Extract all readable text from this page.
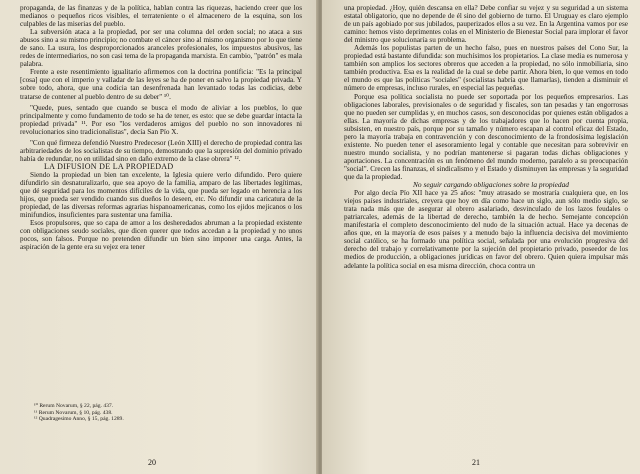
propaganda, de las finanzas y de la política, hablan contra las riquezas, haciendo creer que los medianos o pequeños ricos visibles, el terrateniente o el almacenero de la esquina, son los culpables de las miserias del pueblo.

La subversión ataca a la propiedad, por ser una columna del orden social; no ataca a sus abusos sino a su mismo principio; no combate el cáncer sino al mismo organismo por lo que tiene de sano. La usura, los desproporcionados aranceles profesionales, los impuestos abusivos, las redes de intermediarios, no son casi tema de la propaganda marxista. En cambio, "patrón" es mala palabra.

Frente a este resentimiento igualitario afirmemos con la doctrina pontificia: "Es la principal [cosa] que con el imperio y valladar de las leyes se ha de poner en salvo la propiedad privada. Y sobre todo, ahora, que una codicia tan desenfrenada han levantado todas las codicias, debe tratarse de contener al pueblo dentro de su deber" ¹⁰.

"Quede, pues, sentado que cuando se busca el modo de aliviar a los pueblos, lo que principalmente y como fundamento de todo se ha de tener, es esto: que se debe guardar intacta la propiedad privada" ¹¹. Por eso "los verdaderos amigos del pueblo no son innovadores ni revolucionarios sino tradicionalistas", decía San Pío X.

"Con qué firmeza defendió Nuestro Predecesor (León XIII) el derecho de propiedad contra las arbitrariedades de los socialistas de su tiempo, demostrando que la supresión del dominio privado había de redundar, no en utilidad sino en daño extremo de la clase obrera" ¹².

LA DIFUSION DE LA PROPIEDAD

Siendo la propiedad un bien tan excelente, la Iglesia quiere verlo difundido. Pero quiere difundirlo sin desnaturalizarlo, que sea apoyo de la familia, amparo de las libertades legítimas, que dé seguridad para los momentos difíciles de la vida, que pueda ser legado en herencia a los hijos, que pueda ser vendido cuando sus dueños lo deseen, etc. No difundir una caricatura de la propiedad, de las diversas reformas agrarias hispanoamericanas, como los ejidos mejicanos o los minifundios, insuficientes para sustentar una familia.

Esos propulsores, que so capa de amor a los desheredados abruman a la propiedad existente con obligaciones seudo sociales, que dicen querer que todos accedan a la propiedad y no unos pocos, son falsos. Porque no pretenden difundir un bien sino imponer una carga. Antes, la aspiración de la gente era su vejez era tener

¹⁰ Rerum Novarum, § 22, pág. 437.
¹¹ Rerum Novarum, § 10, pág. 438.
¹² Quadragesimo Anno, § 15, pág. 1289.
20

una propiedad. ¿Hoy, quién descansa en ella? Debe confiar su vejez y su seguridad a un sistema estatal obligatorio, que no depende de él sino del gobierno de turno. El Uruguay es claro ejemplo de un país agobiado por sus jubilados, pauperizados ellos a su vez. En la Argentina vamos por ese camino: hemos visto deprimentes colas en el Ministerio de Bienestar Social para implorar el favor del ministro que solucionaría su problema.

Además los populistas parten de un hecho falso, pues en nuestros países del Cono Sur, la propiedad está bastante difundida: son muchísimos los propietarios. La clase media es numerosa y también son amplios los sectores obreros que acceden a la propiedad, no sólo inmobiliaria, sino también productiva. Esa es la realidad de la cual se debe partir. Ahora bien, lo que vemos en todo el mundo es que las políticas "sociales" (socialistas habría que llamarlas), tienden a disminuir el número de empresas, incluso rurales, en especial las pequeñas.

Porque esa política socialista no puede ser soportada por los pequeños empresarios. Las obligaciones laborales, previsionales o de seguridad y fiscales, son tan pesadas y tan engorrosas que no pueden ser cumplidas y, en muchos casos, son desconocidas por quienes están obligados a ellas. La mayoría de dichas empresas y de los trabajadores que lo hacen por cuenta propia, subsisten, en nuestro país, porque por su tamaño y número escapan al control eficaz del Estado, pero la mayoría trabaja en contravención y con desconocimiento de la frondosísima legislación existente. No pueden tener el asesoramiento legal y contable que necesitan para sobrevivir en nuestro mundo socialista, y no podrían mantenerse si pagaran todas dichas obligaciones y aportaciones. La concentración es un fenómeno del mundo moderno, paralelo a su preocupación "social". Crecen las finanzas, el sindicalismo y el Estado y disminuyen las empresas y la seguridad que da la propiedad.

No seguir cargando obligaciones sobre la propiedad

Por algo decía Pío XII hace ya 25 años: "muy atrasado se mostraría cualquiera que, en los viejos países industriales, creyera que hoy en día como hace un siglo, aun sólo medio siglo, se trata nada más que de asegurar al obrero asalariado, desvinculado de los lazos feudales o patriarcales, además de la libertad de derecho, también la de hecho. Semejante concepción manifestaría el completo desconocimiento del nudo de la situación actual. Hace ya decenas de años que, en la mayoría de esos países y a menudo bajo la influencia decisiva del movimiento social católico, se ha formado una política social, señalada por una evolución progresiva del derecho del trabajo y correlativamente por la sujeción del propietario privado, poseedor de los medios de producción, a obligaciones jurídicas en favor del obrero. Quien quiera impulsar más adelante la política social en esa misma dirección, choca contra un

21
